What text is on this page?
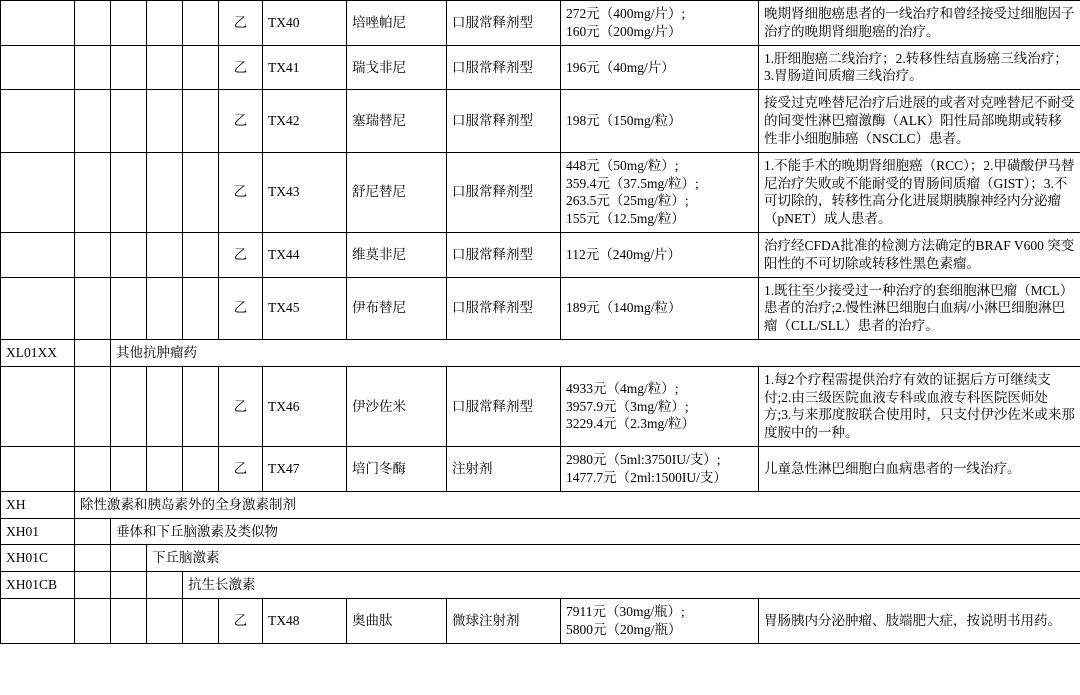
					乙	TX40	培唑帕尼	口服常释剂型	272元（400mg/片）;
160元（200mg/片）	晚期肾细胞癌患者的一线治疗和曾经接受过细胞因子治疗的晚期肾细胞癌的治疗。
					乙	TX41	瑞戈非尼	口服常释剂型	196元（40mg/片）	1.肝细胞癌二线治疗；2.转移性结直肠癌三线治疗；3.胃肠道间质瘤三线治疗。
					乙	TX42	塞瑞替尼	口服常释剂型	198元（150mg/粒）	接受过克唑替尼治疗后进展的或者对克唑替尼不耐受的间变性淋巴瘤激酶（ALK）阳性局部晚期或转移性非小细胞肺癌（NSCLC）患者。
					乙	TX43	舒尼替尼	口服常释剂型	448元（50mg/粒）;
359.4元（37.5mg/粒）;
263.5元（25mg/粒）;
155元（12.5mg/粒）	1.不能手术的晚期肾细胞癌（RCC）；2.甲磺酸伊马替尼治疗失败或不能耐受的胃肠间质瘤（GIST）；3.不可切除的，转移性高分化进展期胰腺神经内分泌瘤（pNET）成人患者。
					乙	TX44	维莫非尼	口服常释剂型	112元（240mg/片）	治疗经CFDA批准的检测方法确定的BRAF V600 突变阳性的不可切除或转移性黑色素瘤。
					乙	TX45	伊布替尼	口服常释剂型	189元（140mg/粒）	1.既往至少接受过一种治疗的套细胞淋巴瘤（MCL）患者的治疗;2.慢性淋巴细胞白血病/小淋巴细胞淋巴瘤（CLL/SLL）患者的治疗。
XL01XX		其他抗肿瘤药								
					乙	TX46	伊沙佐米	口服常释剂型	4933元（4mg/粒）;
3957.9元（3mg/粒）;
3229.4元（2.3mg/粒）	1.每2个疗程需提供治疗有效的证据后方可继续支付;2.由三级医院血液专科或血液专科医院医师处方;3.与来那度胺联合使用时，只支付伊沙佐米或来那度胺中的一种。
					乙	TX47	培门冬酶	注射剂	2980元（5ml:3750IU/支）;
1477.7元（2ml:1500IU/支）	儿童急性淋巴细胞白血病患者的一线治疗。
XH	除性激素和胰岛素外的全身激素制剂									
XH01		垂体和下丘脑激素及类似物								
XH01C			下丘脑激素							
XH01CB				抗生长激素						
					乙	TX48	奥曲肽	微球注射剂	7911元（30mg/瓶）;
5800元（20mg/瓶）	胃肠胰内分泌肿瘤、肢端肥大症，按说明书用药。
